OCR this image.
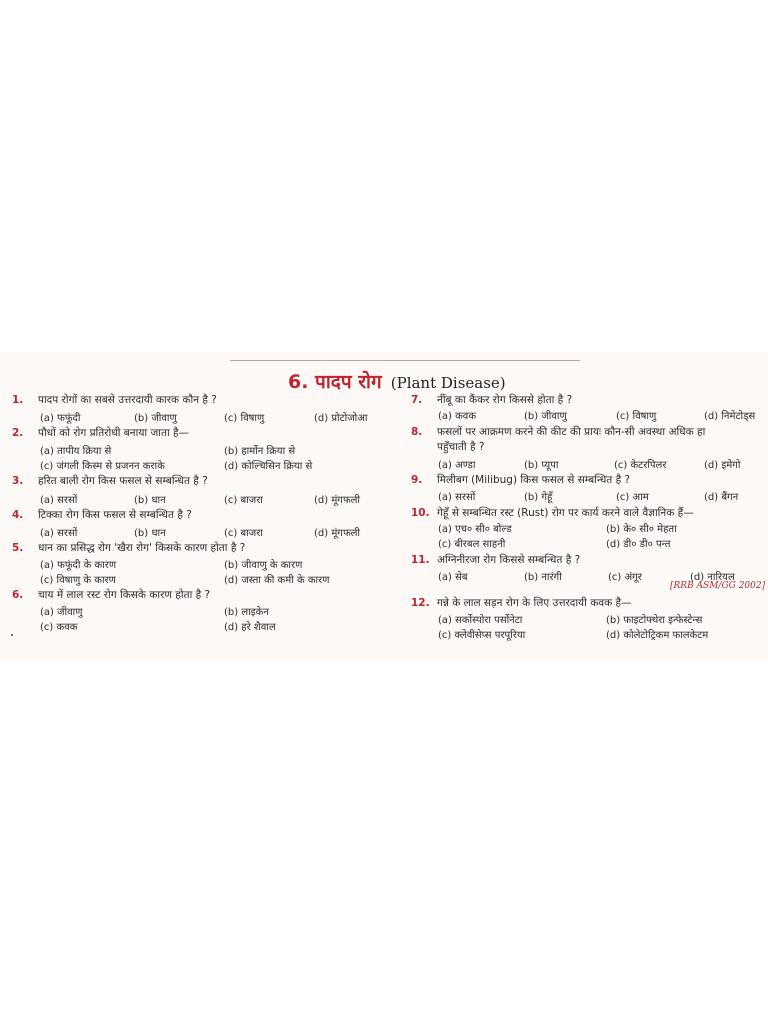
6. पादप रोग (Plant Disease)
1. पादप रोगों का सबसे उत्तरदायी कारक कौन है ?
(a) फफूंदी	(b) जीवाणु	(c) विषाणु	(d) प्रोटोजोआ
2. पौधों को रोग प्रतिरोधी बनाया जाता है—
(a) तापीय क्रिया से	(b) हार्मोन क्रिया से
(c) जंगली किस्म से प्रजनन कराके	(d) कोल्चिसिन क्रिया से
3. हरित बाली रोग किस फसल से सम्बन्धित है ?
(a) सरसों	(b) धान	(c) बाजरा	(d) मूंगफली
4. टिक्का रोग किस फसल से सम्बन्धित है ?
(a) सरसों	(b) धान	(c) बाजरा	(d) मूंगफली
5. धान का प्रसिद्ध रोग 'खैरा रोग' किसके कारण होता है ?
(a) फफूंदी के कारण	(b) जीवाणु के कारण
(c) विषाणु के कारण	(d) जस्ता की कमी के कारण
6. चाय में लाल रस्ट रोग किसके कारण होता है ?
(a) जीवाणु	(b) लाइकेन
(c) कवक	(d) हरे शैवाल
7. नींबू का कैंकर रोग किससे होता है ?
(a) कवक	(b) जीवाणु	(c) विषाणु	(d) निमेटोड्स
8. फसलों पर आक्रमण करने की कीट की प्रायः कौन-सी अवस्था अधिक हा
पहुँचाती है ?
(a) अण्डा	(b) प्यूपा	(c) केटरपिलर	(d) इमेगो
9. मिलीबग (Milibug) किस फसल से सम्बन्धित है ?
(a) सरसों	(b) गेहूँ	(c) आम	(d) बैंगन
10. गेहूँ से सम्बन्धित रस्ट (Rust) रोग पर कार्य करने वाले वैज्ञानिक हैं—
(a) एच० सी० बोल्ड	(b) के० सी० मेहता
(c) बीरबल साहनी	(d) डी० डी० पन्त
11. अग्निनीरजा रोग किससे सम्बन्धित है ?
(a) सेब	(b) नारंगी	(c) अंगूर	(d) नारियल
[RRB ASM/GG 2002]
12. गन्ने के लाल सड़न रोग के लिए उत्तरदायी कवक है—
(a) सर्कोस्पोरा पर्सोनेटा	(b) फाइटोफ्थेरा इन्फेस्टेन्स
(c) क्लेवीसेप्स परपूरिया	(d) कोलेटोट्रिकम फालकेटम
